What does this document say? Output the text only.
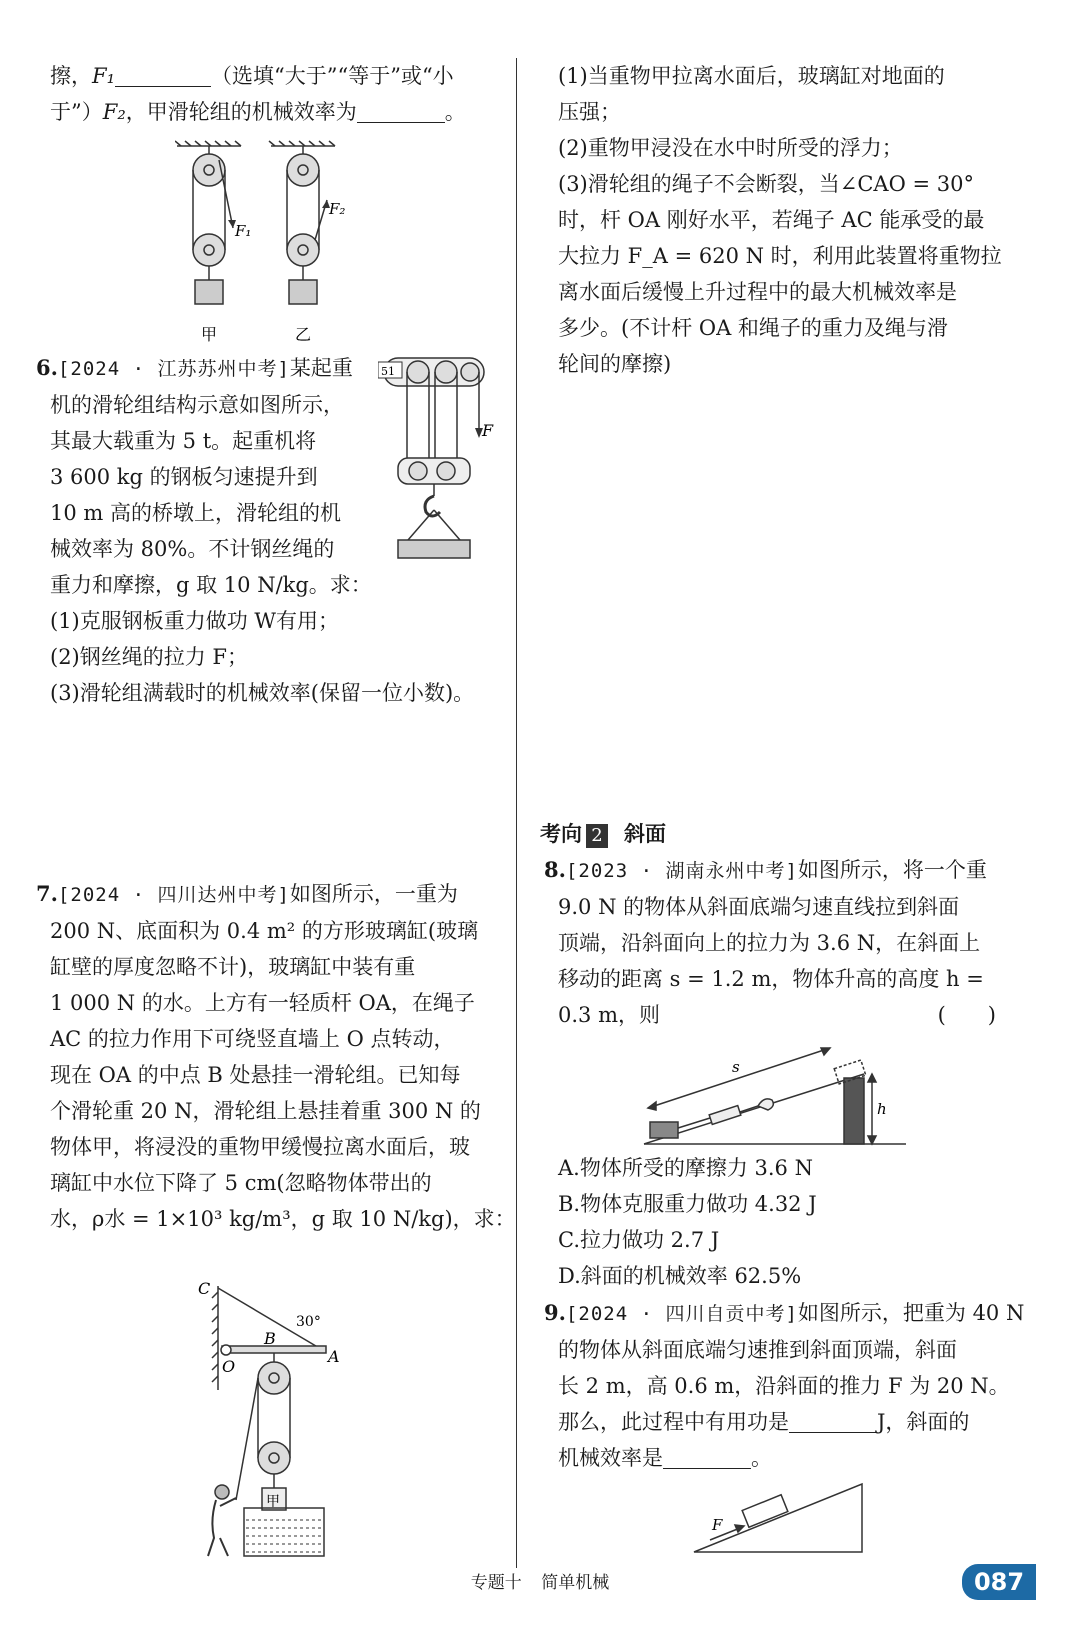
擦，F₁	（选填“大于”“等于”或“小
于”）F₂，甲滑轮组的机械效率为	。
F₁
F₂
甲	乙
6.[2024 · 江苏苏州中考]某起重
机的滑轮组结构示意如图所示，
其最大载重为 5 t。起重机将
3 600 kg 的钢板匀速提升到
10 m 高的桥墩上，滑轮组的机
械效率为 80%。不计钢丝绳的
重力和摩擦，g 取 10 N/kg。求：
(1)克服钢板重力做功 W有用；
(2)钢丝绳的拉力 F；
(3)滑轮组满载时的机械效率(保留一位小数)。
51
F
7.[2024 · 四川达州中考]如图所示，一重为
200 N、底面积为 0.4 m² 的方形玻璃缸(玻璃
缸壁的厚度忽略不计)，玻璃缸中装有重
1 000 N 的水。上方有一轻质杆 OA，在绳子
AC 的拉力作用下可绕竖直墙上 O 点转动，
现在 OA 的中点 B 处悬挂一滑轮组。已知每
个滑轮重 20 N，滑轮组上悬挂着重 300 N 的
物体甲，将浸没的重物甲缓慢拉离水面后，玻
璃缸中水位下降了 5 cm(忽略物体带出的
水，ρ水 = 1×10³ kg/m³，g 取 10 N/kg)，求：
C
30°
B
A
O
甲
(1)当重物甲拉离水面后，玻璃缸对地面的
压强；
(2)重物甲浸没在水中时所受的浮力；
(3)滑轮组的绳子不会断裂，当∠CAO = 30°
时，杆 OA 刚好水平，若绳子 AC 能承受的最
大拉力 F_A = 620 N 时，利用此装置将重物拉
离水面后缓慢上升过程中的最大机械效率是
多少。(不计杆 OA 和绳子的重力及绳与滑
轮间的摩擦)
考向 2 斜面
8.[2023 · 湖南永州中考]如图所示，将一个重
9.0 N 的物体从斜面底端匀速直线拉到斜面
顶端，沿斜面向上的拉力为 3.6 N，在斜面上
移动的距离 s = 1.2 m，物体升高的高度 h =
0.3 m，则	(　　)
s
h
A.物体所受的摩擦力 3.6 N
B.物体克服重力做功 4.32 J
C.拉力做功 2.7 J
D.斜面的机械效率 62.5%
9.[2024 · 四川自贡中考]如图所示，把重为 40 N
的物体从斜面底端匀速推到斜面顶端，斜面
长 2 m，高 0.6 m，沿斜面的推力 F 为 20 N。
那么，此过程中有用功是	J，斜面的
机械效率是	。
F
专题十 简单机械	087
